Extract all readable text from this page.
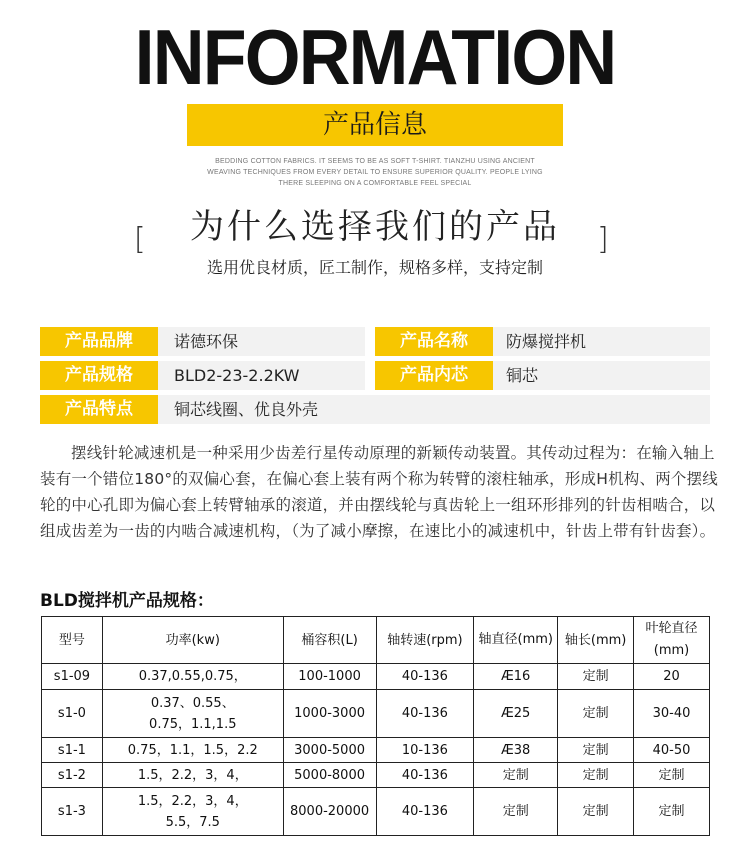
INFORMATION
产品信息
BEDDING COTTON FABRICS. IT SEEMS TO BE AS SOFT T-SHIRT. TIANZHU USING ANCIENT
WEAVING TECHNIQUES FROM EVERY DETAIL TO ENSURE SUPERIOR QUALITY. PEOPLE LYING
THERE SLEEPING ON A COMFORTABLE FEEL SPECIAL
[	]
为什么选择我们的产品
选用优良材质，匠工制作，规格多样，支持定制
产品品牌	诺德环保	产品名称	防爆搅拌机
产品规格	BLD2-23-2.2KW	产品内芯	铜芯
产品特点	铜芯线圈、优良外壳
摆线针轮减速机是一种采用少齿差行星传动原理的新颖传动装置。其传动过程为：在输入轴上装有一个错位180°的双偏心套，在偏心套上装有两个称为转臂的滚柱轴承，形成H机构、两个摆线轮的中心孔即为偏心套上转臂轴承的滚道，并由摆线轮与真齿轮上一组环形排列的针齿相啮合，以组成齿差为一齿的内啮合减速机构，（为了减小摩擦，在速比小的减速机中，针齿上带有针齿套）。
BLD搅拌机产品规格：
型号	功率(kw)	桶容积(L)	轴转速(rpm)	轴直径(mm)	轴长(mm)	叶轮直径(mm)
s1-09	0.37,0.55,0.75，	100-1000	40-136	Æ16	定制	20
s1-0	0.37、0.55、0.75，1.1,1.5	1000-3000	40-136	Æ25	定制	30-40
s1-1	0.75，1.1，1.5，2.2	3000-5000	10-136	Æ38	定制	40-50
s1-2	1.5，2.2，3，4，	5000-8000	40-136	定制	定制	定制
s1-3	1.5，2.2，3，4，5.5，7.5	8000-20000	40-136	定制	定制	定制
